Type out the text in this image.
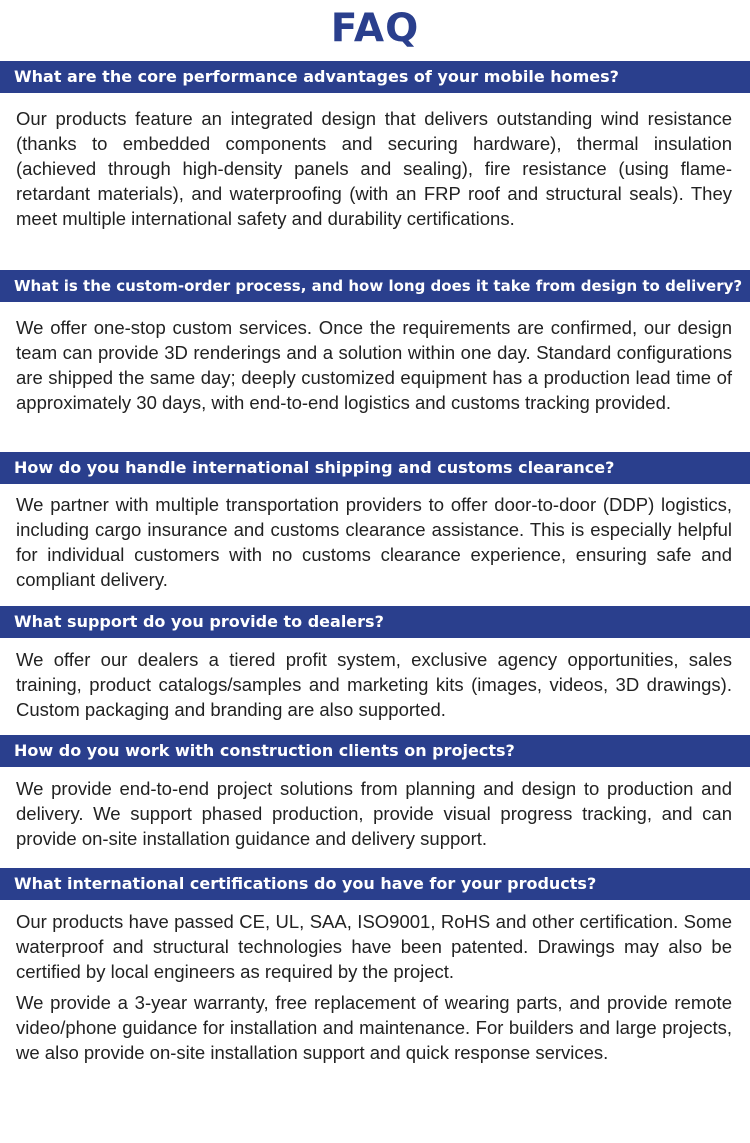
FAQ
What are the core performance advantages of your mobile homes?

Our products feature an integrated design that delivers outstanding wind resistance (thanks to embedded components and securing hardware), thermal insulation (achieved through high-density panels and sealing), fire resistance (using flame-retardant materials), and waterproofing (with an FRP roof and structural seals). They meet multiple international safety and durability certifications.

What is the custom-order process, and how long does it take from design to delivery?

We offer one-stop custom services. Once the requirements are confirmed, our design team can provide 3D renderings and a solution within one day. Standard configurations are shipped the same day; deeply customized equipment has a production lead time of approximately 30 days, with end-to-end logistics and customs tracking provided.

How do you handle international shipping and customs clearance?

We partner with multiple transportation providers to offer door-to-door (DDP) logistics, including cargo insurance and customs clearance assistance. This is especially helpful for individual customers with no customs clearance experience, ensuring safe and compliant delivery.

What support do you provide to dealers?

We offer our dealers a tiered profit system, exclusive agency opportunities, sales training, product catalogs/samples and marketing kits (images, videos, 3D drawings). Custom packaging and branding are also supported.

How do you work with construction clients on projects?

We provide end-to-end project solutions from planning and design to production and delivery. We support phased production, provide visual progress tracking, and can provide on-site installation guidance and delivery support.

What international certifications do you have for your products?

Our products have passed CE, UL, SAA, ISO9001, RoHS and other certification. Some waterproof and structural technologies have been patented. Drawings may also be certified by local engineers as required by the project.

We provide a 3-year warranty, free replacement of wearing parts, and provide remote video/phone guidance for installation and maintenance. For builders and large projects, we also provide on-site installation support and quick response services.
